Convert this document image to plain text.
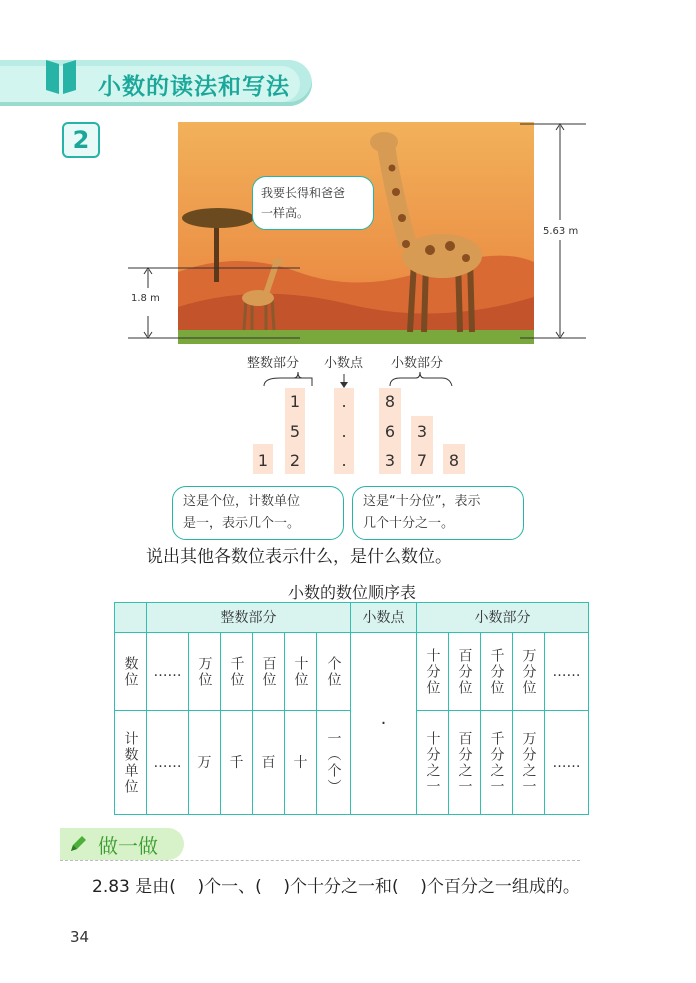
小数的读法和写法
2
我要长得和爸爸
一样高。
1.8 m
5.63 m
整数部分 小数点 小数部分
1	.	8
5	.	6	3
1	2	.	3	7	8
这是个位，计数单位
是一，表示几个一。
这是“十分位”，表示
几个十分之一。
说出其他各数位表示什么，是什么数位。
小数的数位顺序表
	整数部分						小数点	小数部分				

数位	……	万位	千位	百位	十位	个位	·	十分位	百分位	千分位	万分位	……

计数单位	……	万	千	百	十	一（个）		十分之一	百分之一	千分之一	万分之一	……
做一做
2.83 是由(    )个一、(    )个十分之一和(    )个百分之一组成的。
34
